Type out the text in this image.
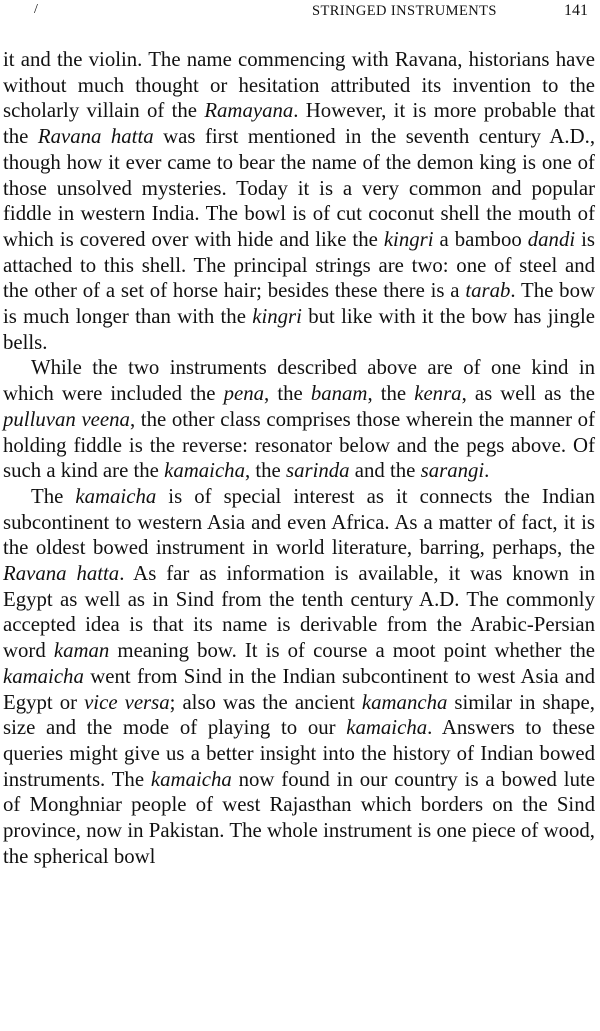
/	STRINGED INSTRUMENTS	141

it and the violin. The name commencing with Ravana, historians have without much thought or hesitation attributed its invention to the scholarly villain of the Ramayana. However, it is more probable that the Ravana hatta was first mentioned in the seventh century A.D., though how it ever came to bear the name of the demon king is one of those unsolved mysteries. Today it is a very common and popular fiddle in western India. The bowl is of cut coconut shell the mouth of which is covered over with hide and like the kingri a bamboo dandi is attached to this shell. The principal strings are two: one of steel and the other of a set of horse hair; besides these there is a tarab. The bow is much longer than with the kingri but like with it the bow has jingle bells.

While the two instruments described above are of one kind in which were included the pena, the banam, the kenra, as well as the pulluvan veena, the other class comprises those wherein the manner of holding fiddle is the reverse: resonator below and the pegs above. Of such a kind are the kamaicha, the sarinda and the sarangi.

The kamaicha is of special interest as it connects the Indian subcontinent to western Asia and even Africa. As a matter of fact, it is the oldest bowed instrument in world literature, barring, perhaps, the Ravana hatta. As far as information is available, it was known in Egypt as well as in Sind from the tenth century A.D. The commonly accepted idea is that its name is derivable from the Arabic-Persian word kaman meaning bow. It is of course a moot point whether the kamaicha went from Sind in the Indian subcontinent to west Asia and Egypt or vice versa; also was the ancient kamancha similar in shape, size and the mode of playing to our kamaicha. Answers to these queries might give us a better insight into the history of Indian bowed instruments. The kamaicha now found in our country is a bowed lute of Monghniar people of west Rajasthan which borders on the Sind province, now in Pakistan. The whole instrument is one piece of wood, the spherical bowl
